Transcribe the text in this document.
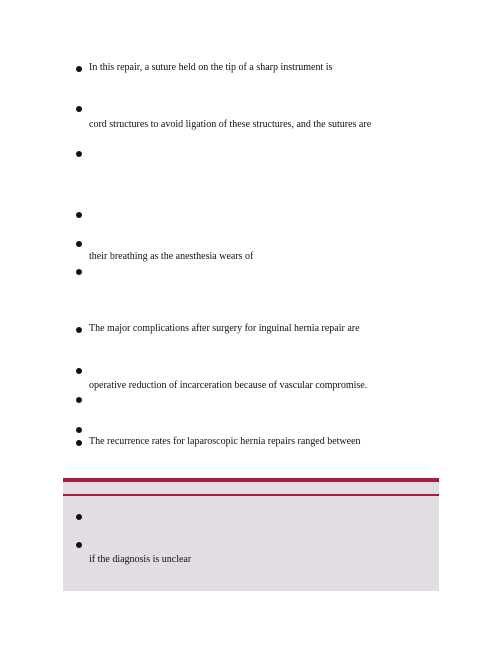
In this repair, a suture held on the tip of a sharp instrument is
cord structures to avoid ligation of these structures, and the sutures are
their breathing as the anesthesia wears of
The major complications after surgery for inguinal hernia repair are
operative reduction of incarceration because of vascular compromise.
The recurrence rates for laparoscopic hernia repairs ranged between
if the diagnosis is unclear
